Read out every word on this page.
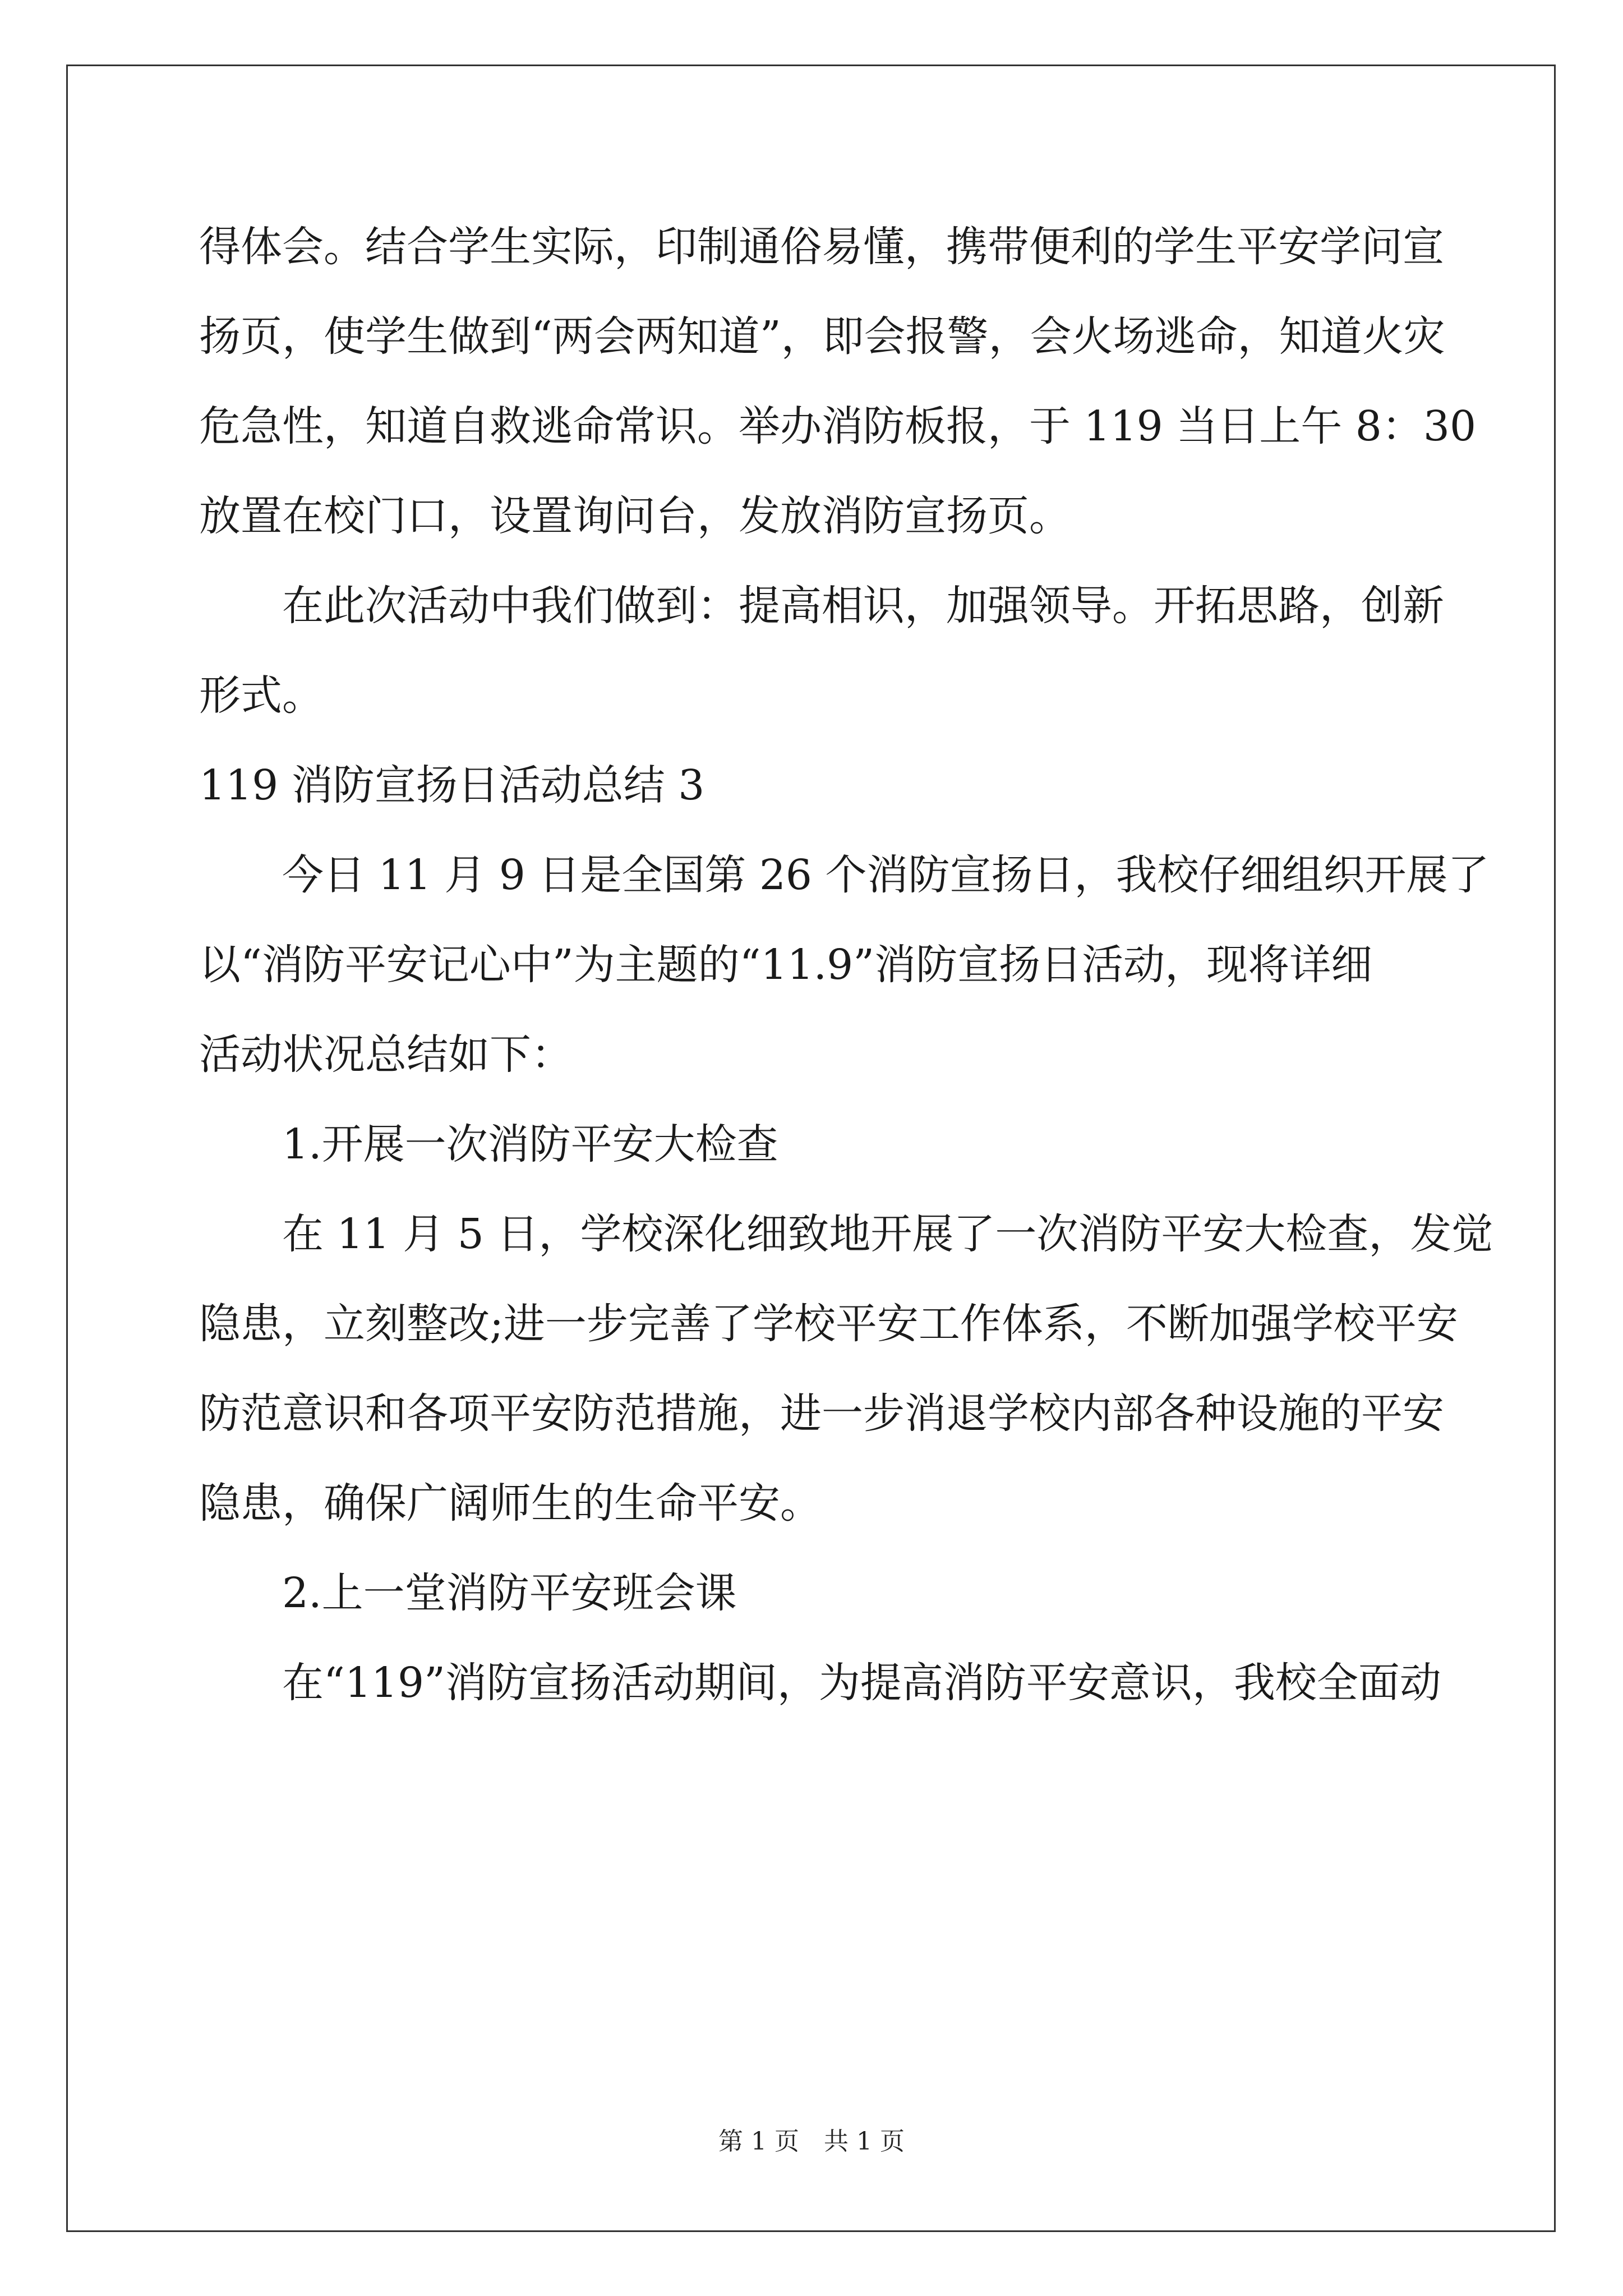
得体会。结合学生实际，印制通俗易懂，携带便利的学生平安学问宣
扬页，使学生做到“两会两知道”，即会报警，会火场逃命，知道火灾
危急性，知道自救逃命常识。举办消防板报，于 119 当日上午 8：30
放置在校门口，设置询问台，发放消防宣扬页。
在此次活动中我们做到：提高相识，加强领导。开拓思路，创新
形式。
119 消防宣扬日活动总结 3
今日 11 月 9 日是全国第 26 个消防宣扬日，我校仔细组织开展了
以“消防平安记心中”为主题的“11.9”消防宣扬日活动，现将详细
活动状况总结如下：
1.开展一次消防平安大检查
在 11 月 5 日，学校深化细致地开展了一次消防平安大检查，发觉
隐患，立刻整改;进一步完善了学校平安工作体系，不断加强学校平安
防范意识和各项平安防范措施，进一步消退学校内部各种设施的平安
隐患，确保广阔师生的生命平安。
2.上一堂消防平安班会课
在“119”消防宣扬活动期间，为提高消防平安意识，我校全面动
第 1 页　共 1 页
